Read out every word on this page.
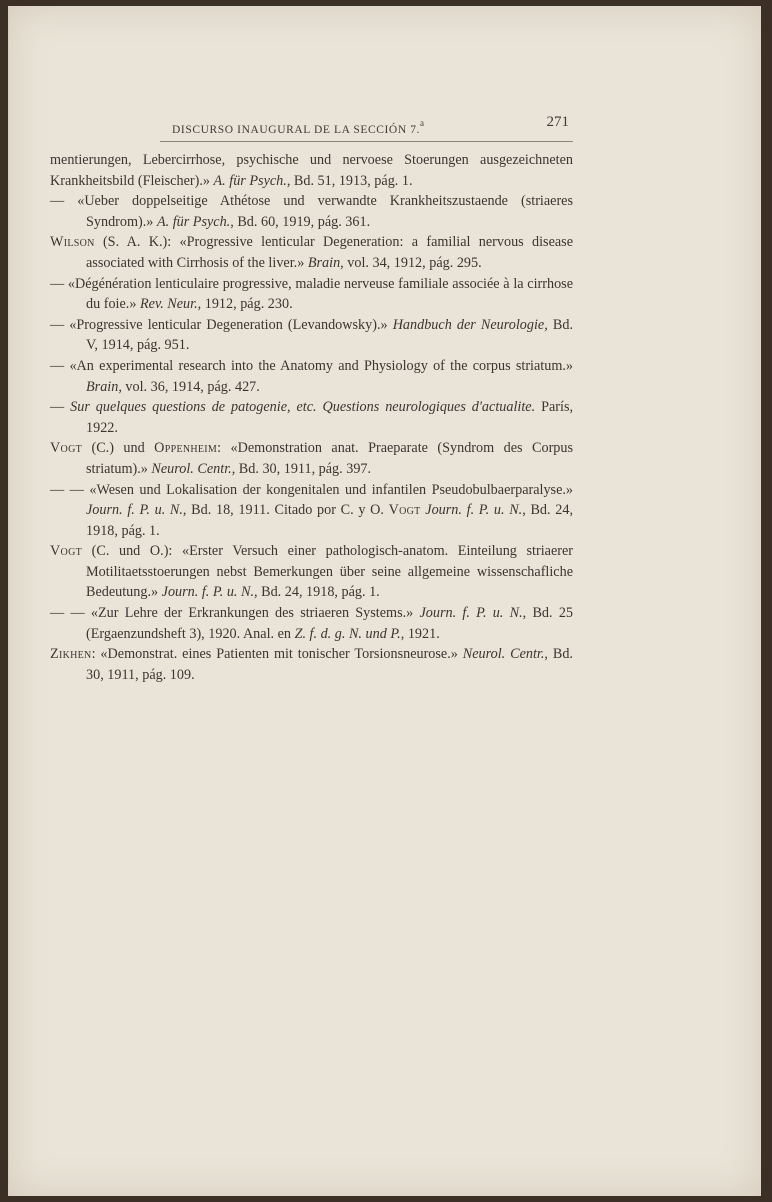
DISCURSO INAUGURAL DE LA SECCIÓN 7.$^a$	271
mentierungen, Lebercirrhose, psychische und nervoese Stoerungen ausgezeichneten Krankheitsbild (Fleischer).» A. für Psych., Bd. 51, 1913, pág. 1.
— «Ueber doppelseitige Athétose und verwandte Krankheitszustaende (striaeres Syndrom).» A. für Psych., Bd. 60, 1919, pág. 361.
Wilson (S. A. K.): «Progressive lenticular Degeneration: a familial nervous disease associated with Cirrhosis of the liver.» Brain, vol. 34, 1912, pág. 295.
— «Dégénération lenticulaire progressive, maladie nerveuse familiale associée à la cirrhose du foie.» Rev. Neur., 1912, pág. 230.
— «Progressive lenticular Degeneration (Levandowsky).» Handbuch der Neurologie, Bd. V, 1914, pág. 951.
— «An experimental research into the Anatomy and Physiology of the corpus striatum.» Brain, vol. 36, 1914, pág. 427.
— Sur quelques questions de patogenie, etc. Questions neurologiques d'actualite. París, 1922.
Vogt (C.) und Oppenheim: «Demonstration anat. Praeparate (Syndrom des Corpus striatum).» Neurol. Centr., Bd. 30, 1911, pág. 397.
— — «Wesen und Lokalisation der kongenitalen und infantilen Pseudobulbaerparalyse.» Journ. f. P. u. N., Bd. 18, 1911. Citado por C. y O. Vogt Journ. f. P. u. N., Bd. 24, 1918, pág. 1.
Vogt (C. und O.): «Erster Versuch einer pathologisch-anatom. Einteilung striaerer Motilitaetsstoerungen nebst Bemerkungen über seine allgemeine wissenschafliche Bedeutung.» Journ. f. P. u. N., Bd. 24, 1918, pág. 1.
— — «Zur Lehre der Erkrankungen des striaeren Systems.» Journ. f. P. u. N., Bd. 25 (Ergaenzundsheft 3), 1920. Anal. en Z. f. d. g. N. und P., 1921.
Zikhen: «Demonstrat. eines Patienten mit tonischer Torsionsneurose.» Neurol. Centr., Bd. 30, 1911, pág. 109.
